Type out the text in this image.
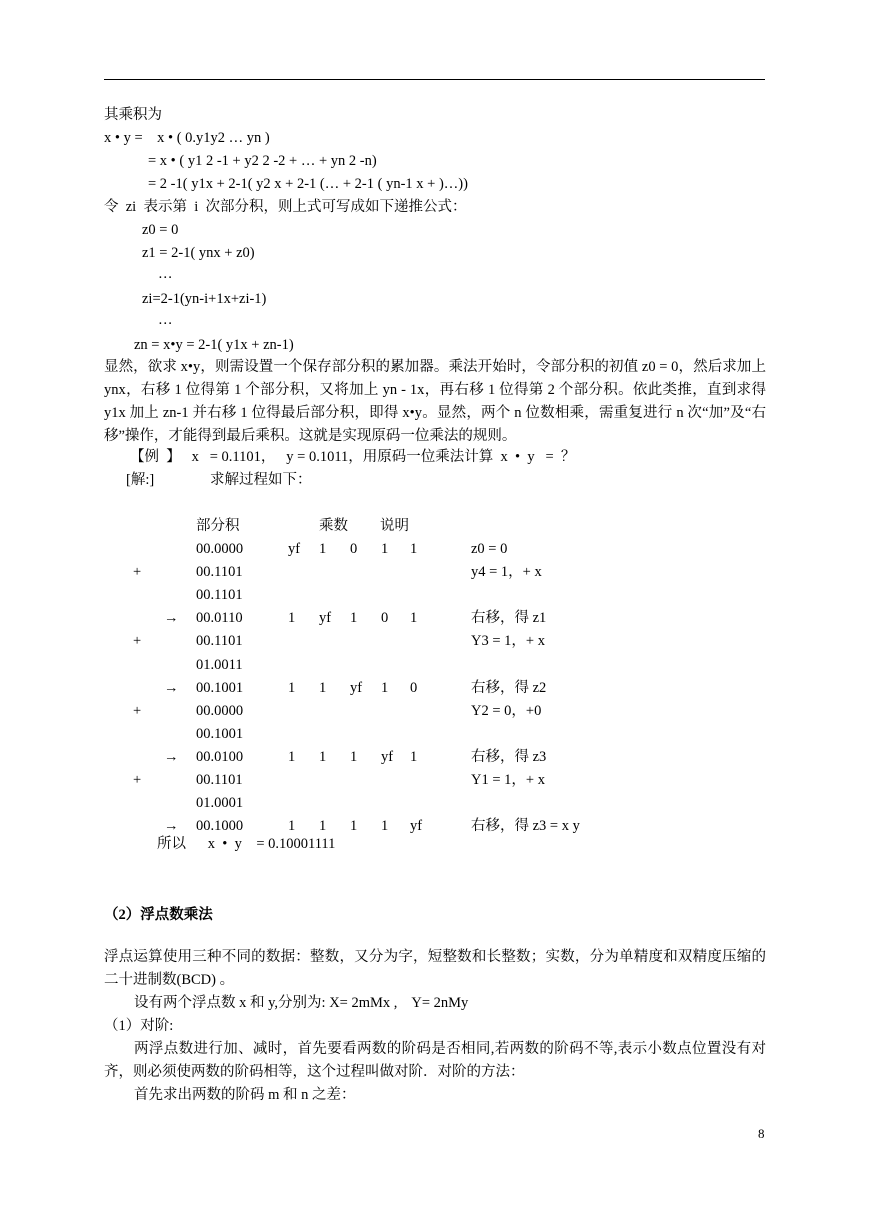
其乘积为
x • y =    x • ( 0.y1y2 … yn )
= x • ( y1 2 -1 + y2 2 -2 + … + yn 2 -n)
= 2 -1( y1x + 2-1( y2 x + 2-1 (… + 2-1 ( yn-1 x + )…))
令  zi  表示第  i  次部分积，则上式可写成如下递推公式：
z0 = 0
z1 = 2-1( ynx + z0)
…
zi=2-1(yn-i+1x+zi-1)
…
zn = x•y = 2-1( y1x + zn-1)
显然，欲求 x•y，则需设置一个保存部分积的累加器。乘法开始时，令部分积的初值 z0 = 0，然后求加上 ynx，右移 1 位得第 1 个部分积，又将加上 yn - 1x，再右移 1 位得第 2 个部分积。依此类推，直到求得 y1x 加上 zn-1 并右移 1 位得最后部分积，即得 x•y。显然，两个 n 位数相乘，需重复进行 n 次“加”及“右移”操作，才能得到最后乘积。这就是实现原码一位乘法的规则。
【例  】   x   = 0.1101，   y = 0.1011，用原码一位乘法计算  x  •  y   =  ？
[解:]	求解过程如下：
部分积	乘数 说明
00.0000	yf 1 0 1 1	z0 = 0
+	00.1101	y4 = 1，+ x
00.1101
→ 00.0110	1 yf 1 0 1	右移，得 z1
+	00.1101	Y3 = 1，+ x
01.0011
→ 00.1001	1 1 yf 1 0	右移，得 z2
+	00.0000	Y2 = 0，+0
00.1001
→ 00.0100	1 1 1 yf 1	右移，得 z3
+	00.1101	Y1 = 1，+ x
01.0001
→ 00.1000	1 1 1 1 yf	右移，得 z3 = x y
所以      x  •  y    = 0.10001111
（2）浮点数乘法
浮点运算使用三种不同的数据：整数，又分为字，短整数和长整数；实数，分为单精度和双精度压缩的二十进制数(BCD) 。
设有两个浮点数 x 和 y,分别为: X= 2mMx ,    Y= 2nMy
（1）对阶:
两浮点数进行加、减时，首先要看两数的阶码是否相同,若两数的阶码不等,表示小数点位置没有对齐，则必须使两数的阶码相等，这个过程叫做对阶．对阶的方法：
首先求出两数的阶码 m 和 n 之差：
8
